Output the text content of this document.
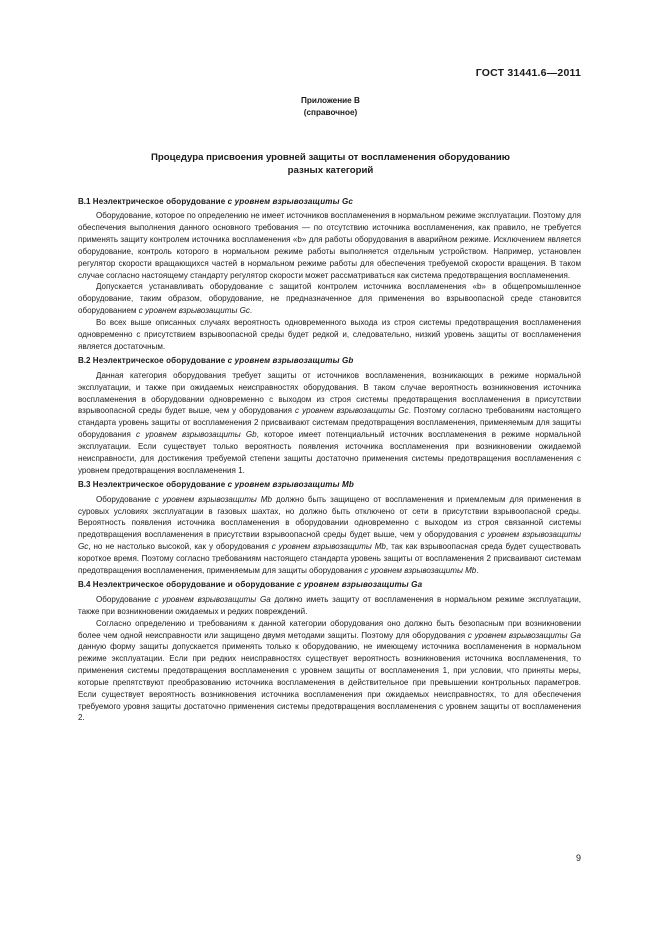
ГОСТ 31441.6—2011
Приложение В
(справочное)
Процедура присвоения уровней защиты от воспламенения оборудованию
разных категорий
В.1 Неэлектрическое оборудование с уровнем взрывозащиты Gc

Оборудование, которое по определению не имеет источников воспламенения в нормальном режиме эксплуатации. Поэтому для обеспечения выполнения данного основного требования — по отсутствию источника воспламенения, как правило, не требуется применять защиту контролем источника воспламенения «b» для работы оборудования в аварийном режиме. Исключением является оборудование, контроль которого в нормальном режиме работы выполняется отдельным устройством. Например, установлен регулятор скорости вращающихся частей в нормальном режиме работы для обеспечения требуемой скорости вращения. В таком случае согласно настоящему стандарту регулятор скорости может рассматриваться как система предотвращения воспламенения.

Допускается устанавливать оборудование с защитой контролем источника воспламенения «b» в общепромышленное оборудование, таким образом, оборудование, не предназначенное для применения во взрывоопасной среде становится оборудованием с уровнем взрывозащиты Gc.

Во всех выше описанных случаях вероятность одновременного выхода из строя системы предотвращения воспламенения одновременно с присутствием взрывоопасной среды будет редкой и, следовательно, низкий уровень защиты от воспламенения является достаточным.

В.2 Неэлектрическое оборудование с уровнем взрывозащиты Gb

Данная категория оборудования требует защиты от источников воспламенения, возникающих в режиме нормальной эксплуатации, и также при ожидаемых неисправностях оборудования. В таком случае вероятность возникновения источника воспламенения в оборудовании одновременно с выходом из строя системы предотвращения воспламенения в присутствии взрывоопасной среды будет выше, чем у оборудования с уровнем взрывозащиты Gc. Поэтому согласно требованиям настоящего стандарта уровень защиты от воспламенения 2 присваивают системам предотвращения воспламенения, применяемым для защиты оборудования с уровнем взрывозащиты Gb, которое имеет потенциальный источник воспламенения в режиме нормальной эксплуатации. Если существует только вероятность появления источника воспламенения при возникновении ожидаемой неисправности, для достижения требуемой степени защиты достаточно применения системы предотвращения воспламенения с уровнем предотвращения воспламенения 1.

В.3 Неэлектрическое оборудование с уровнем взрывозащиты Mb

Оборудование с уровнем взрывозащиты Mb должно быть защищено от воспламенения и приемлемым для применения в суровых условиях эксплуатации в газовых шахтах, но должно быть отключено от сети в присутствии взрывоопасной среды. Вероятность появления источника воспламенения в оборудовании одновременно с выходом из строя связанной системы предотвращения воспламенения в присутствии взрывоопасной среды будет выше, чем у оборудования с уровнем взрывозащиты Gc, но не настолько высокой, как у оборудования с уровнем взрывозащиты Mb, так как взрывоопасная среда будет существовать короткое время. Поэтому согласно требованиям настоящего стандарта уровень защиты от воспламенения 2 присваивают системам предотвращения воспламенения, применяемым для защиты оборудования с уровнем взрывозащиты Mb.

В.4 Неэлектрическое оборудование и оборудование с уровнем взрывозащиты Ga

Оборудование с уровнем взрывозащиты Ga должно иметь защиту от воспламенения в нормальном режиме эксплуатации, также при возникновении ожидаемых и редких повреждений.

Согласно определению и требованиям к данной категории оборудования оно должно быть безопасным при возникновении более чем одной неисправности или защищено двумя методами защиты. Поэтому для оборудования с уровнем взрывозащиты Ga данную форму защиты допускается применять только к оборудованию, не имеющему источника воспламенения в нормальном режиме эксплуатации. Если при редких неисправностях существует вероятность возникновения источника воспламенения, то применения системы предотвращения воспламенения с уровнем защиты от воспламенения 1, при условии, что приняты меры, которые препятствуют преобразованию источника воспламенения в действительное при превышении контрольных параметров. Если существует вероятность возникновения источника воспламенения при ожидаемых неисправностях, то для обеспечения требуемого уровня защиты достаточно применения системы предотвращения воспламенения с уровнем защиты от воспламенения 2.

9
